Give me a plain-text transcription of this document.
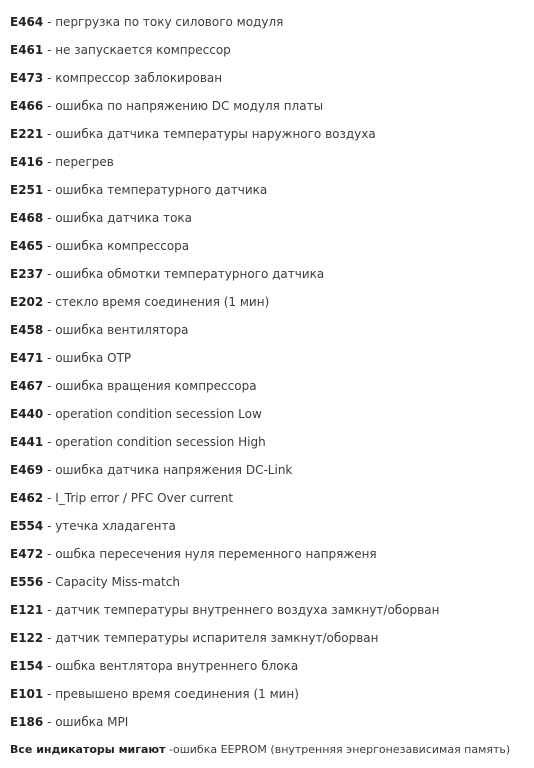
E464 - пергрузка по току силового модуля
E461 - не запускается компрессор
E473 - компрессор заблокирован
E466 - ошибка по напряжению DC модуля платы
E221 - ошибка датчика температуры наружного воздуха
E416 - перегрев
E251 - ошибка температурного датчика
E468 - ошибка датчика тока
E465 - ошибка компрессора
E237 - ошибка обмотки температурного датчика
E202 - стекло время соединения (1 мин)
E458 - ошибка вентилятора
E471 - ошибка OTP
E467 - ошибка вращения компрессора
E440 - operation condition secession Low
E441 - operation condition secession High
E469 - ошибка датчика напряжения DC-Link
E462 - I_Trip error / PFC Over current
E554 - утечка хладагента
E472 - ошбка пересечения нуля переменного напряженя
E556 - Capacity Miss-match
E121 - датчик температуры внутреннего воздуха замкнут/оборван
E122 - датчик температуры испарителя замкнут/оборван
E154 - ошбка вентлятора внутреннего блока
E101 - превышено время соединения (1 мин)
E186 - ошибка MPI
Все индикаторы мигают -ошибка EEPROM (внутренняя энергонезависимая память)
